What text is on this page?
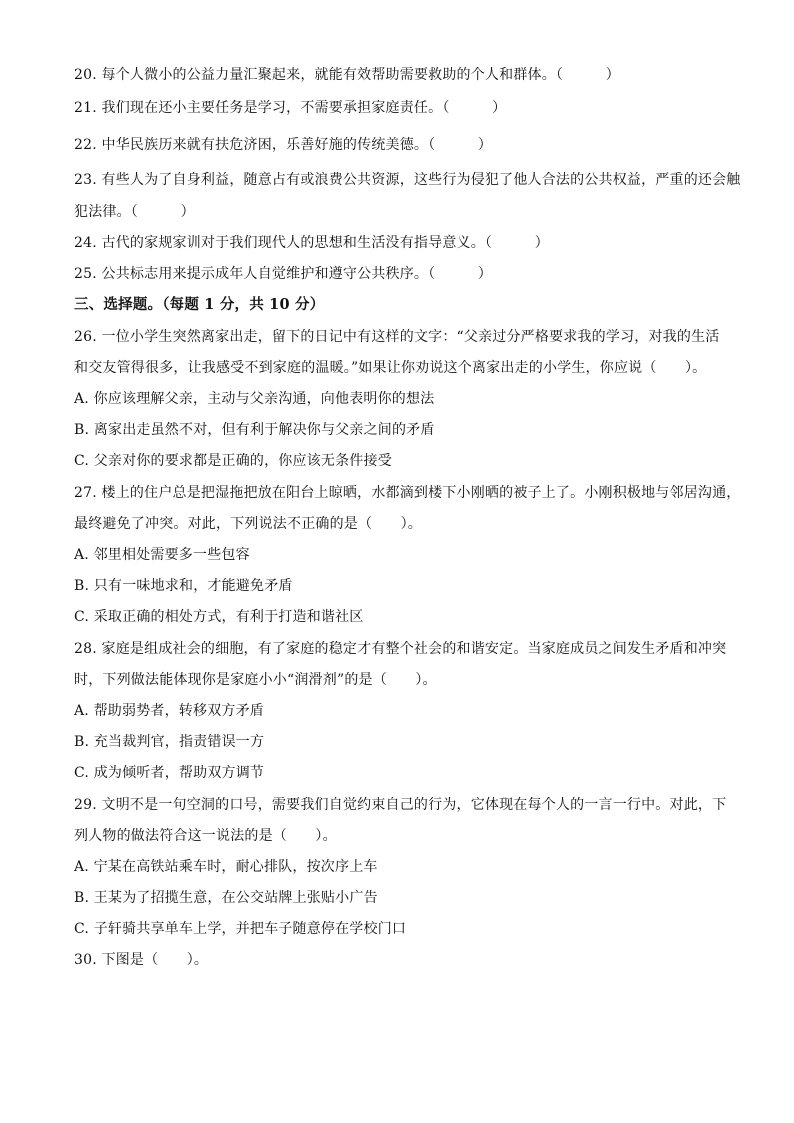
20. 每个人微小的公益力量汇聚起来，就能有效帮助需要救助的个人和群体。（　　　）
21. 我们现在还小主要任务是学习，不需要承担家庭责任。（　　　）
22. 中华民族历来就有扶危济困，乐善好施的传统美德。（　　　）
23. 有些人为了自身利益，随意占有或浪费公共资源，这些行为侵犯了他人合法的公共权益，严重的还会触
犯法律。（　　　）
24. 古代的家规家训对于我们现代人的思想和生活没有指导意义。（　　　）
25. 公共标志用来提示成年人自觉维护和遵守公共秩序。（　　　）
三、选择题。（每题 1 分，共 10 分）
26. 一位小学生突然离家出走，留下的日记中有这样的文字：“父亲过分严格要求我的学习，对我的生活
和交友管得很多，让我感受不到家庭的温暖。”如果让你劝说这个离家出走的小学生，你应说（　　）。
A. 你应该理解父亲，主动与父亲沟通，向他表明你的想法
B. 离家出走虽然不对，但有利于解决你与父亲之间的矛盾
C. 父亲对你的要求都是正确的，你应该无条件接受
27. 楼上的住户总是把湿拖把放在阳台上晾晒，水都滴到楼下小刚晒的被子上了。小刚积极地与邻居沟通，
最终避免了冲突。对此，下列说法不正确的是（　　）。
A. 邻里相处需要多一些包容
B. 只有一味地求和，才能避免矛盾
C. 采取正确的相处方式，有利于打造和谐社区
28. 家庭是组成社会的细胞，有了家庭的稳定才有整个社会的和谐安定。当家庭成员之间发生矛盾和冲突
时，下列做法能体现你是家庭小小“润滑剂”的是（　　）。
A. 帮助弱势者，转移双方矛盾
B. 充当裁判官，指责错误一方
C. 成为倾听者，帮助双方调节
29. 文明不是一句空洞的口号，需要我们自觉约束自己的行为，它体现在每个人的一言一行中。对此，下
列人物的做法符合这一说法的是（　　）。
A. 宁某在高铁站乘车时，耐心排队，按次序上车
B. 王某为了招揽生意，在公交站牌上张贴小广告
C. 子轩骑共享单车上学，并把车子随意停在学校门口
30. 下图是（　　）。
